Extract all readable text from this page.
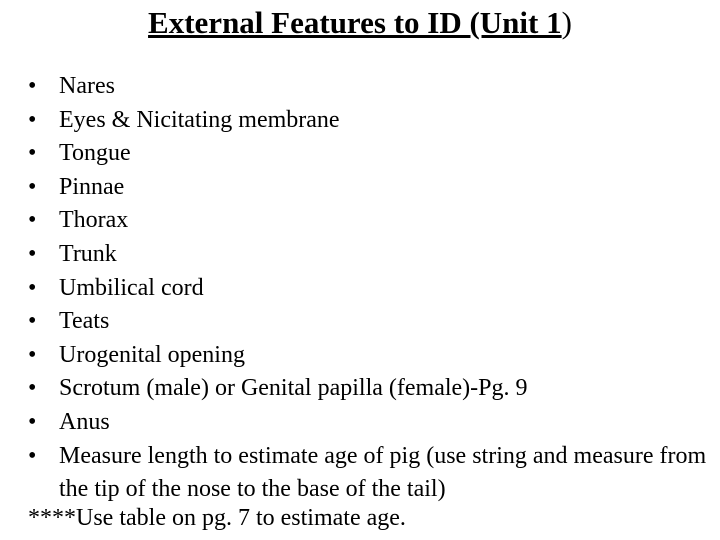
External Features to ID (Unit 1)
• Nares
• Eyes & Nicitating membrane
• Tongue
• Pinnae
• Thorax
• Trunk
• Umbilical cord
• Teats
• Urogenital opening
• Scrotum (male) or Genital papilla (female)-Pg. 9
• Anus
• Measure length to estimate age of pig (use string and measure from the tip of the nose to the base of the tail)
****Use table on pg. 7 to estimate age.
